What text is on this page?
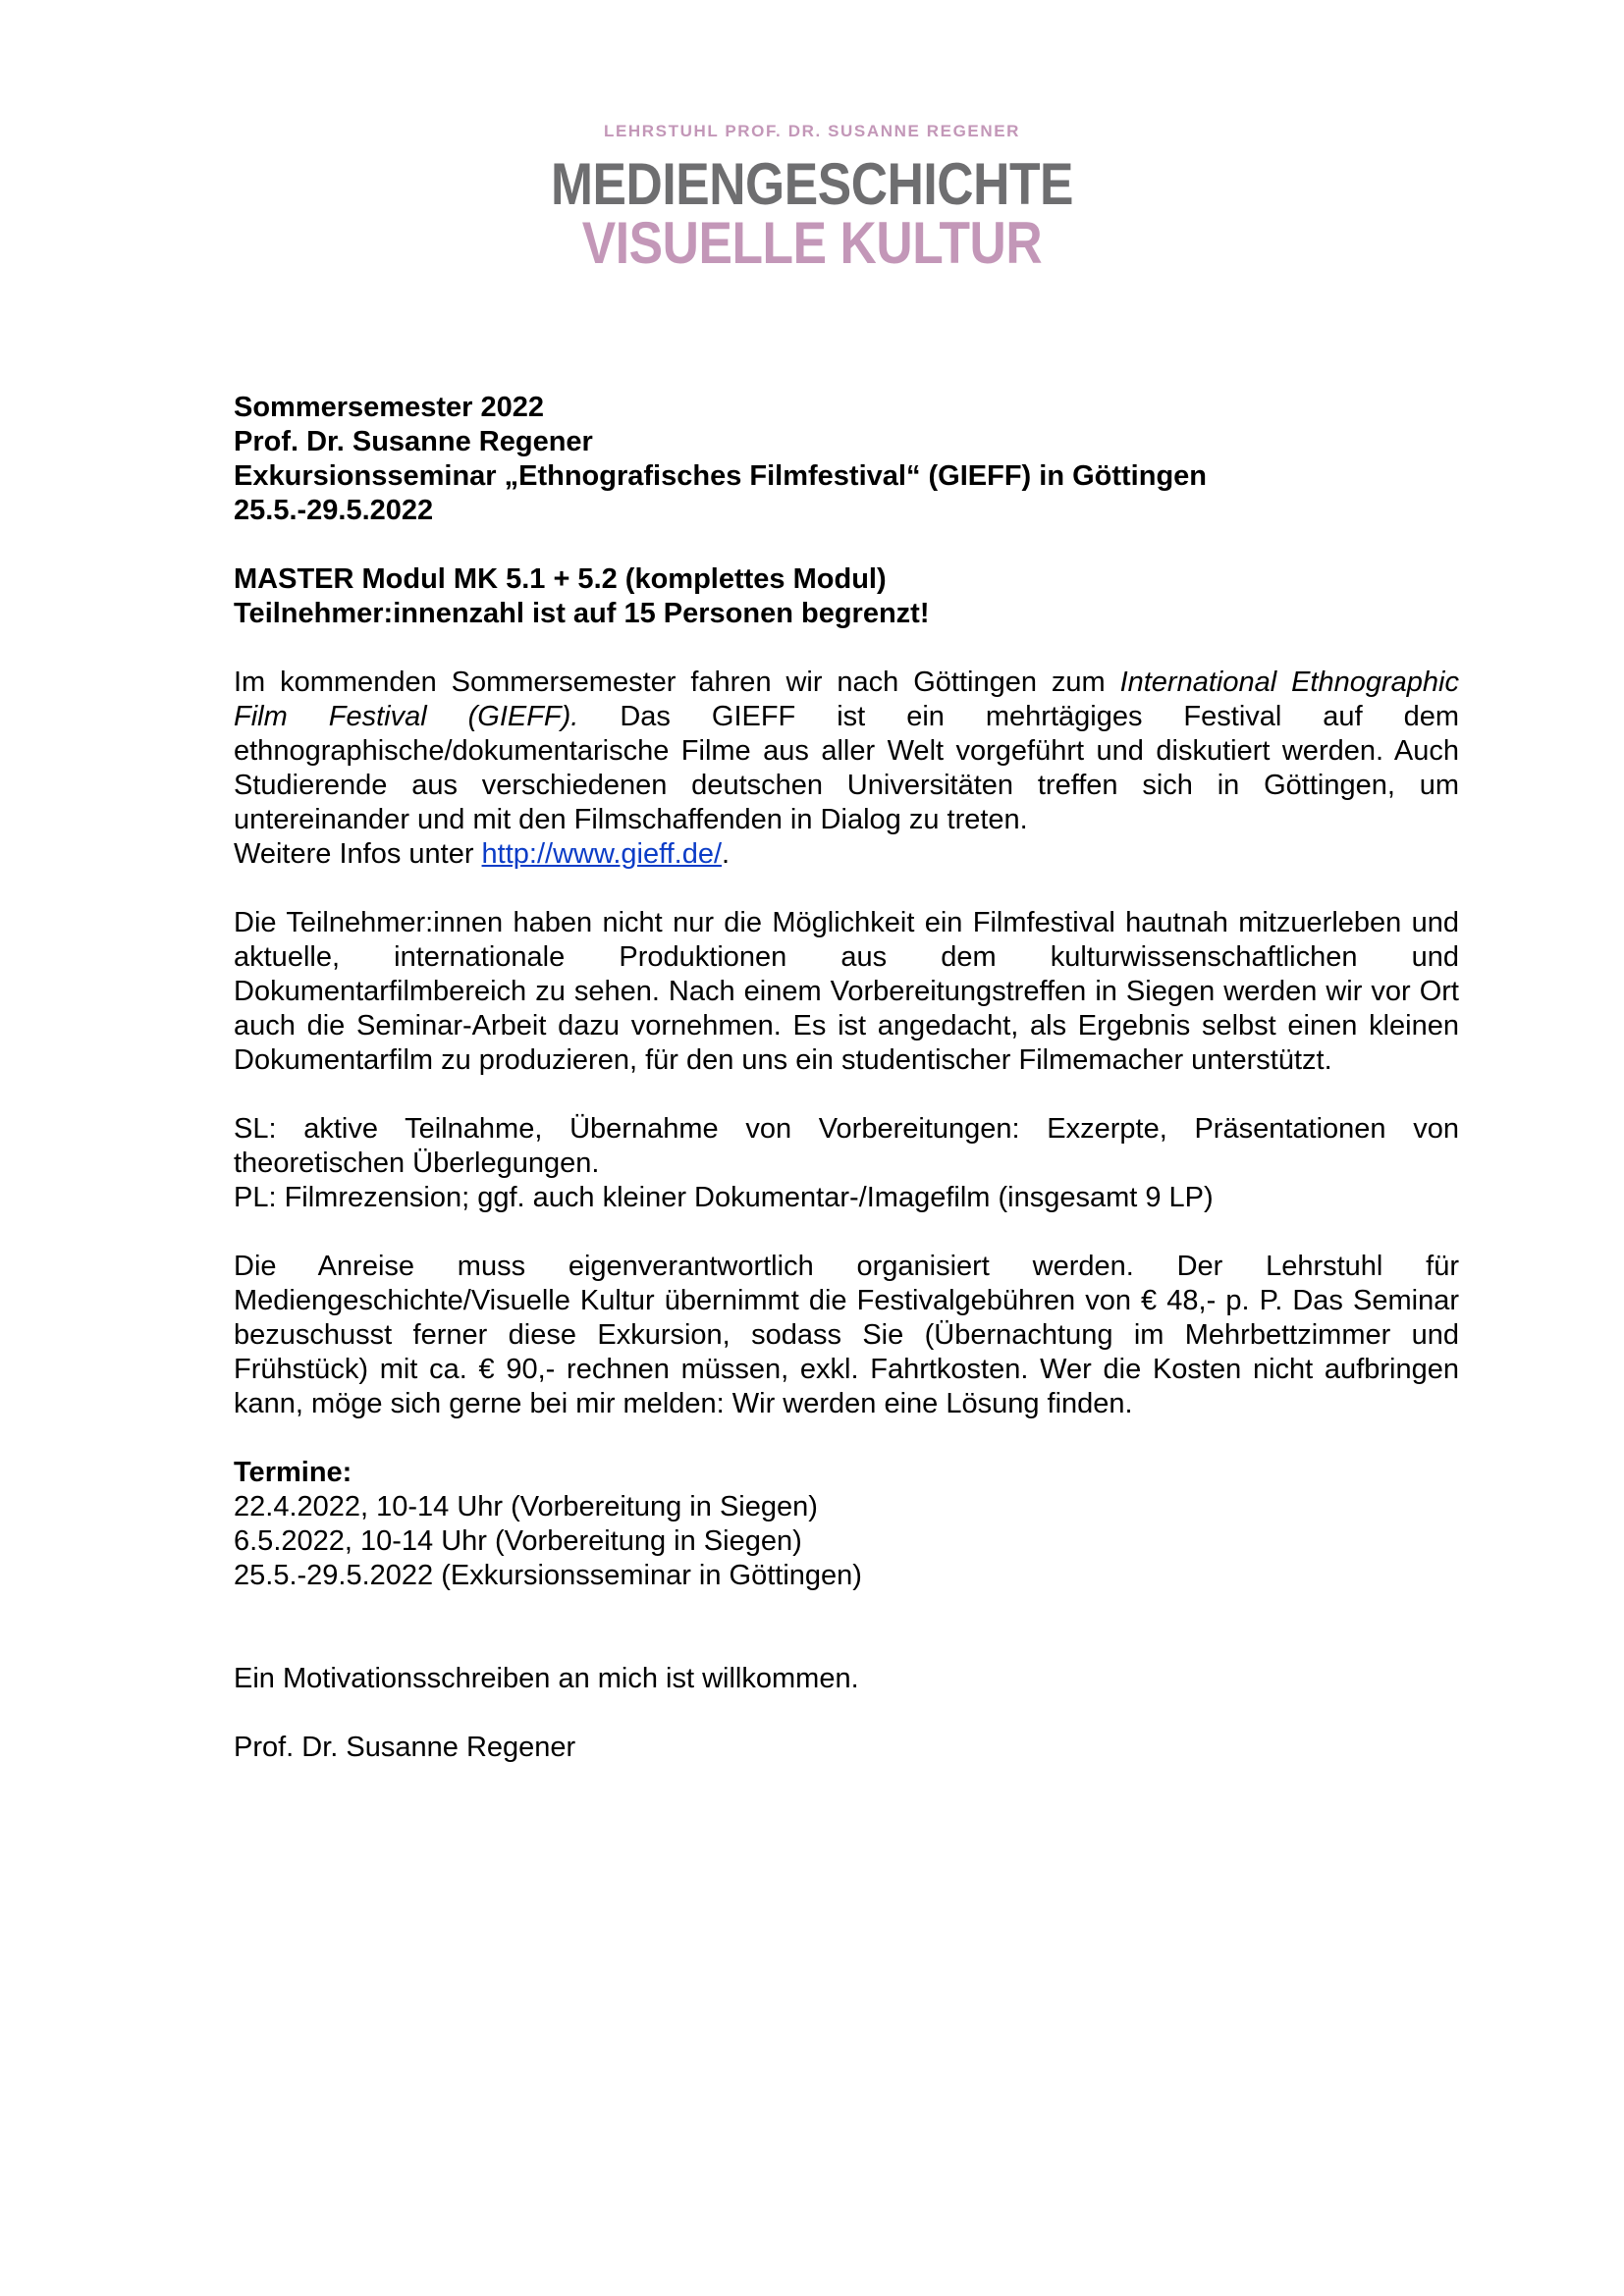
LEHRSTUHL PROF. DR. SUSANNE REGENER
MEDIENGESCHICHTE
VISUELLE KULTUR

Sommersemester 2022

Prof. Dr. Susanne Regener

Exkursionsseminar „Ethnografisches Filmfestival“ (GIEFF) in Göttingen

25.5.-29.5.2022

MASTER Modul MK 5.1 + 5.2 (komplettes Modul)

Teilnehmer:innenzahl ist auf 15 Personen begrenzt!

Im kommenden Sommersemester fahren wir nach Göttingen zum International Ethnographic Film Festival (GIEFF). Das GIEFF ist ein mehrtägiges Festival auf dem ethnographische/dokumentarische Filme aus aller Welt vorgeführt und diskutiert werden. Auch Studierende aus verschiedenen deutschen Universitäten treffen sich in Göttingen, um untereinander und mit den Filmschaffenden in Dialog zu treten.

Weitere Infos unter http://www.gieff.de/.

Die Teilnehmer:innen haben nicht nur die Möglichkeit ein Filmfestival hautnah mitzuerleben und aktuelle, internationale Produktionen aus dem kulturwissenschaftlichen und Dokumentarfilmbereich zu sehen. Nach einem Vorbereitungstreffen in Siegen werden wir vor Ort auch die Seminar-Arbeit dazu vornehmen. Es ist angedacht, als Ergebnis selbst einen kleinen Dokumentarfilm zu produzieren, für den uns ein studentischer Filmemacher unterstützt.

SL: aktive Teilnahme, Übernahme von Vorbereitungen: Exzerpte, Präsentationen von theoretischen Überlegungen.

PL: Filmrezension; ggf. auch kleiner Dokumentar-/Imagefilm (insgesamt 9 LP)

Die Anreise muss eigenverantwortlich organisiert werden. Der Lehrstuhl für Mediengeschichte/Visuelle Kultur übernimmt die Festivalgebühren von € 48,- p. P. Das Seminar bezuschusst ferner diese Exkursion, sodass Sie (Übernachtung im Mehrbettzimmer und Frühstück) mit ca. € 90,- rechnen müssen, exkl. Fahrtkosten. Wer die Kosten nicht aufbringen kann, möge sich gerne bei mir melden: Wir werden eine Lösung finden.

Termine:

22.4.2022, 10-14 Uhr (Vorbereitung in Siegen)

6.5.2022, 10-14 Uhr (Vorbereitung in Siegen)

25.5.-29.5.2022 (Exkursionsseminar in Göttingen)

Ein Motivationsschreiben an mich ist willkommen.

Prof. Dr. Susanne Regener
